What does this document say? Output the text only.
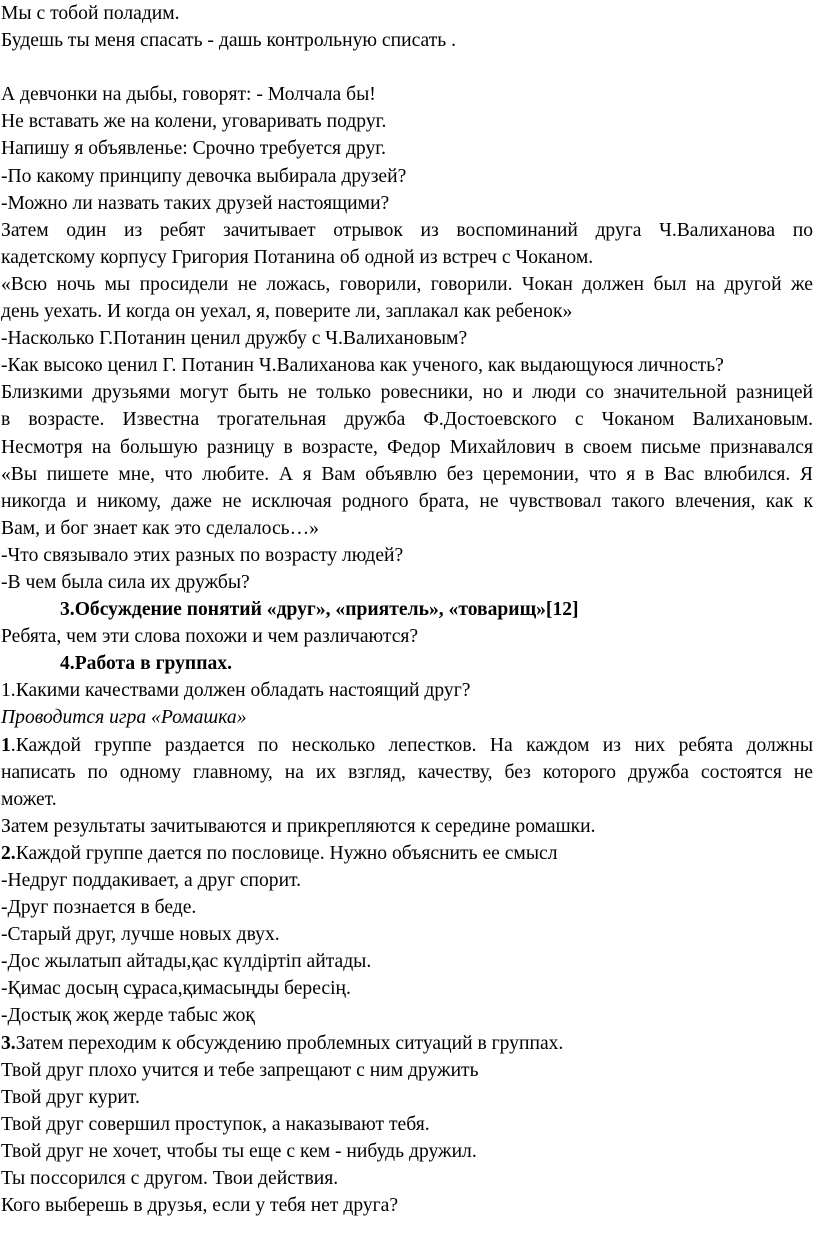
Мы с тобой поладим.
Будешь ты меня спасать - дашь контрольную списать .
А девчонки на дыбы, говорят: - Молчала бы!
Не вставать же на колени, уговаривать подруг.
Напишу я объявленье: Срочно требуется друг.
-По какому принципу девочка выбирала друзей?
-Можно ли назвать таких друзей настоящими?
Затем один из ребят зачитывает отрывок из воспоминаний друга Ч.Валиханова по
кадетскому корпусу Григория Потанина об одной из встреч с Чоканом.
«Всю ночь мы просидели не ложась, говорили, говорили. Чокан должен был на другой же
день уехать. И когда он уехал, я, поверите ли, заплакал как ребенок»
-Насколько Г.Потанин ценил дружбу с Ч.Валихановым?
-Как высоко ценил Г. Потанин Ч.Валиханова как ученого, как выдающуюся личность?
Близкими друзьями могут быть не только ровесники, но и люди со значительной разницей
в возрасте. Известна трогательная дружба Ф.Достоевского с Чоканом Валихановым.
Несмотря на большую разницу в возрасте, Федор Михайлович в своем письме признавался
«Вы пишете мне, что любите. А я Вам объявлю без церемонии, что я в Вас влюбился. Я
никогда и никому, даже не исключая родного брата, не чувствовал такого влечения, как к
Вам, и бог знает как это сделалось…»
-Что связывало этих разных по возрасту людей?
-В чем была сила их дружбы?
3.Обсуждение понятий «друг», «приятель», «товарищ»[12]
Ребята, чем эти слова похожи и чем различаются?
4.Работа в группах.
1.Какими качествами должен обладать настоящий друг?
Проводится игра «Ромашка»
1.Каждой группе раздается по несколько лепестков. На каждом из них ребята должны
написать по одному главному, на их взгляд, качеству, без которого дружба состоятся не
может.
Затем результаты зачитываются и прикрепляются к середине ромашки.
2.Каждой группе дается по пословице. Нужно объяснить ее смысл
-Недруг поддакивает, а друг спорит.
-Друг познается в беде.
-Старый друг, лучше новых двух.
-Дос жылатып айтады,қас күлдіртіп айтады.
-Қимас досың сұраса,қимасыңды бересің.
-Достық жоқ жерде табыс жоқ
3.Затем переходим к обсуждению проблемных ситуаций в группах.
Твой друг плохо учится и тебе запрещают с ним дружить
Твой друг курит.
Твой друг совершил проступок, а наказывают тебя.
Твой друг не хочет, чтобы ты еще с кем - нибудь дружил.
Ты поссорился с другом. Твои действия.
Кого выберешь в друзья, если у тебя нет друга?
